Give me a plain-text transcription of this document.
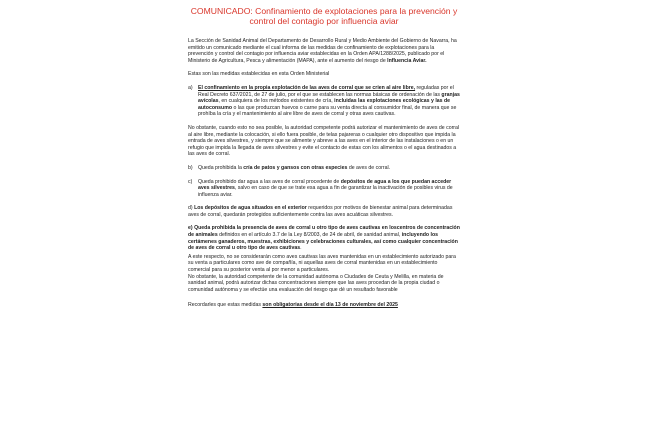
COMUNICADO: Confinamiento de explotaciones para la prevención y control del contagio por influencia aviar

La Sección de Sanidad Animal del Departamento de Desarrollo Rural y Medio Ambiente del Gobierno de Navarra, ha emitido un comunicado mediante el cual informa de las medidas de confinamiento de explotaciones para la prevención y control del contagio por influencia aviar establecidas en la Orden APA/1288/2025, publicado por el Ministerio de Agricultura, Pesca y alimentación (MAPA), ante el aumento del riesgo de Influencia Aviar.

Estas son las medidas establecidas en esta Orden Ministerial

a)	El confinamiento en la propia explotación de las aves de corral que se crien al aire libre, reguladas por el Real Decreto 637/2021, de 27 de julio, por el que se establecen las normas básicas de ordenación de las granjas avícolas, en cualquiera de los métodos existentes de cría, incluidas las explotaciones ecológicas y las de autoconsumo o las que produzcan huevos o carne para su venta directa al consumidor final, de manera que se prohíba la cría y el mantenimiento al aire libre de aves de corral y otras aves cautivas.

No obstante, cuando esto no sea posible, la autoridad competente podrá autorizar el mantenimiento de aves de corral al aire libre, mediante la colocación, si ello fuera posible, de telas pajareras o cualquier otro dispositivo que impida la entrada de aves silvestres, y siempre que se alimente y abreve a las aves en el interior de las instalaciones o en un refugio que impida la llegada de aves silvestres y evite el contacto de estas con los alimentos o el agua destinados a las aves de corral.

b)	Queda prohibida la cría de patos y gansos con otras especies de aves de corral.
c)	Queda prohibido dar agua a las aves de corral procedente de depósitos de agua a los que puedan acceder aves silvestres, salvo en caso de que se trate esa agua a fin de garantizar la inactivación de posibles virus de influenza aviar.

d) Los depósitos de agua situados en el exterior requeridos por motivos de bienestar animal para determinadas aves de corral, quedarán protegidos suficientemente contra las aves acuáticas silvestres.

e) Queda prohibida la presencia de aves de corral u otro tipo de aves cautivas en loscentros de concentración de animales definidos en el artículo 3.7 de la Ley 8/2003, de 24 de abril, de sanidad animal, incluyendo los certámenes ganaderos, muestras, exhibiciones y celebraciones culturales, así como cualquier concentración de aves de corral u otro tipo de aves cautivas.

A este respecto, no se considerarán como aves cautivas las aves mantenidas en un establecimiento autorizado para su venta a particulares como ave de compañía, ni aquellas aves de corral mantenidas en un establecimiento comercial para su posterior venta al por menor a particulares.

No obstante, la autoridad competente de la comunidad autónoma o Ciudades de Ceuta y Melilla, en materia de sanidad animal, podrá autorizar dichas concentraciones siempre que las aves procedan de la propia ciudad o comunidad autónoma y se efectúe una evaluación del riesgo que dé un resultado favorable

Recordarles que estas medidas son obligatorias desde el día 13 de noviembre del 2025
